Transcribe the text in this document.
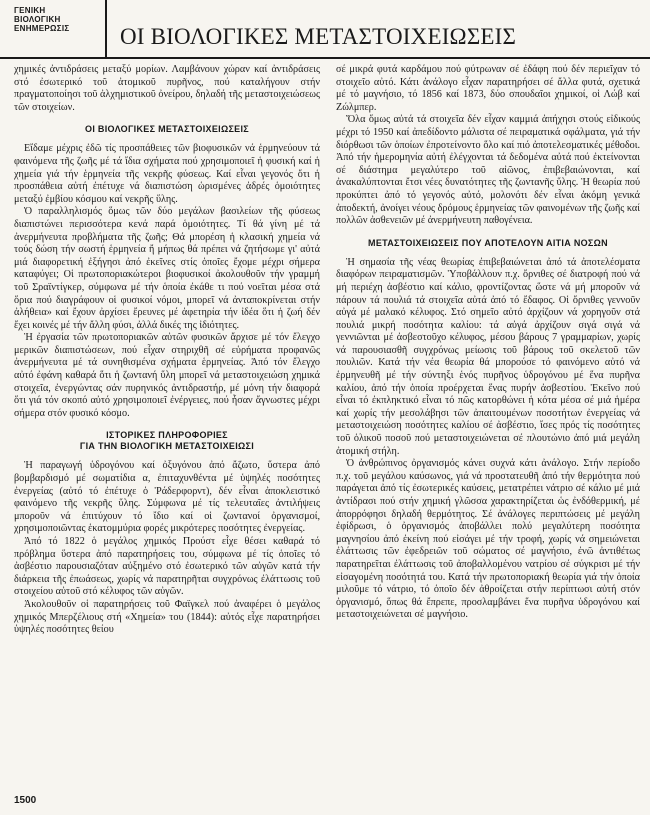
ΓΕΝΙΚΗ
ΒΙΟΛΟΓΙΚΗ
ΕΝΗΜΕΡΩΣΙΣ	ΟΙ ΒΙΟΛΟΓΙΚΕΣ ΜΕΤΑΣΤΟΙΧΕΙΩΣΕΙΣ

χημικές ἀντιδράσεις μεταξύ μορίων. Λαμβάνουν χώραν καί ἀντιδράσεις στό ἐσωτερικό τοῦ ἀτομικοῦ πυρῆνος, πού καταλήγουν στήν πραγματοποίησι τοῦ ἀλχημιστικοῦ ὀνείρου, δηλαδή τῆς μεταστοιχειώσεως τῶν στοιχείων.

ΟΙ ΒΙΟΛΟΓΙΚΕΣ ΜΕΤΑΣΤΟΙΧΕΙΩΣΕΙΣ

Εἴδαμε μέχρις ἐδῶ τίς προσπάθειες τῶν βιοφυσικῶν νά ἑρμηνεύουν τά φαινόμενα τῆς ζωῆς μέ τά ἴδια σχήματα πού χρησιμοποιεῖ ἡ φυσική καί ἡ χημεία γιά τήν ἑρμηνεία τῆς νεκρῆς φύσεως. Καί εἶναι γεγονός ὅτι ἡ προσπάθεια αὐτή ἐπέτυχε νά διαπιστώση ὡρισμένες ἀδρές ὁμοιότητες μεταξύ ἐμβίου κόσμου καί νεκρῆς ὕλης.

Ὁ παραλληλισμός ὅμως τῶν δύο μεγάλων βασιλείων τῆς φύσεως διαπιστώνει περισσότερα κενά παρά ὁμοιότητες. Τί θά γίνη μέ τά ἀνερμήνευτα προβλήματα τῆς ζωῆς; Θά μπορέση ἡ κλασική χημεία νά τούς δώση τήν σωστή ἑρμηνεία ἤ μήπως θά πρέπει νά ζητήσωμε γι' αὐτά μιά διαφορετική ἐξήγησι ἀπό ἐκεῖνες στίς ὁποῖες ἔχομε μέχρι σήμερα καταφύγει; Οἱ πρωτοποριακώτεροι βιοφυσικοί ἀκολουθοῦν τήν γραμμή τοῦ Σραϊντίγκερ, σύμφωνα μέ τήν ὁποία ἐκάθε τι πού νοεῖται μέσα στά ὅρια πού διαγράφουν οἱ φυσικοί νόμοι, μπορεῖ νά ἀνταποκρίνεται στήν ἀλήθεια» καί ἔχουν ἀρχίσει ἔρευνες μέ ἀφετηρία τήν ἰδέα ὅτι ἡ ζωή δέν ἔχει κοινές μέ τήν ἄλλη φύσι, ἀλλά δικές της ἰδιότητες.

Ἡ ἐργασία τῶν πρωτοποριακῶν αὐτῶν φυσικῶν ἄρχισε μέ τόν ἔλεγχο μερικῶν διαπιστώσεων, πού εἶχαν στηριχθῆ σέ εὑρήματα προφανῶς ἀνερμήνευτα μέ τά συνηθισμένα σχήματα ἑρμηνείας. Ἀπό τόν ἔλεγχο αὐτό ἐφάνη καθαρά ὅτι ἡ ζωντανή ὕλη μπορεῖ νά μεταστοιχειώση χημικά στοιχεῖα, ἐνεργώντας σάν πυρηνικός ἀντιδραστήρ, μέ μόνη τήν διαφορά ὅτι γιά τόν σκοπό αὐτό χρησιμοποιεῖ ἐνέργειες, πού ἦσαν ἄγνωστες μέχρι σήμερα στόν φυσικό κόσμο.

ΙΣΤΟΡΙΚΕΣ ΠΛΗΡΟΦΟΡΙΕΣ
ΓΙΑ ΤΗΝ ΒΙΟΛΟΓΙΚΗ ΜΕΤΑΣΤΟΙΧΕΙΩΣΙ

Ἡ παραγωγή ὑδρογόνου καί ὀξυγόνου ἀπό ἄζωτο, ὕστερα ἀπό βομβαρδισμό μέ σωματίδια α, ἐπιταχυνθέντα μέ ὑψηλές ποσότητες ἐνεργείας (αὐτό τό ἐπέτυχε ὁ Ῥάδερφορντ), δέν εἶναι ἀποκλειστικό φαινόμενο τῆς νεκρῆς ὕλης. Σύμφωνα μέ τίς τελευταῖες ἀντιλήψεις μποροῦν νά ἐπιτύχουν τό ἴδιο καί οἱ ζωντανοί ὀργανισμοί, χρησιμοποιῶντας ἑκατομμύρια φορές μικρότερες ποσότητες ἐνεργείας.

Ἀπό τό 1822 ὁ μεγάλος χημικός Προύστ εἶχε θέσει καθαρά τό πρόβλημα ὕστερα ἀπό παρατηρήσεις του, σύμφωνα μέ τίς ὁποῖες τό ἀσβέστιο παρουσιαζόταν αὐξημένο στό ἐσωτερικό τῶν αὐγῶν κατά τήν διάρκεια τῆς ἐπωάσεως, χωρίς νά παρατηρῆται συγχρόνως ἐλάττωσις τοῦ στοιχείου αὐτοῦ στό κέλυφος τῶν αὐγῶν.

Ἀκολουθοῦν οἱ παρατηρήσεις τοῦ Φαϊγκελ πού ἀναφέρει ὁ μεγάλος χημικός Μπερζέλιους στή «Χημεία» του (1844): αὐτός εἶχε παρατηρήσει ὑψηλές ποσότητες θείου

σέ μικρά φυτά καρδάμου πού φύτρωναν σέ ἐδάφη πού δέν περιεῖχαν τό στοιχεῖο αὐτό. Κάτι ἀνάλογο εἶχαν παρατηρήσει σέ ἄλλα φυτά, σχετικά μέ τό μαγνήσιο, τό 1856 καί 1873, δύο σπουδαῖοι χημικοί, οἱ Λώβ καί Ζώλμπερ.

Ὅλα ὅμως αὐτά τά στοιχεῖα δέν εἶχαν καμμιά ἀπήχησι στούς εἰδικούς μέχρι τό 1950 καί ἀπεδίδοντο μάλιστα σέ πειραματικά σφάλματα, γιά τήν διόρθωσι τῶν ὁποίων ἐπροτείνοντο ὅλο καί πιό ἀποτελεσματικές μέθοδοι. Ἀπό τήν ἡμερομηνία αὐτή ἐλέγχονται τά δεδομένα αὐτά πού ἐκτείνονται σέ διάστημα μεγαλύτερο τοῦ αἰῶνος, ἐπιβεβαιώνονται, καί ἀνακαλύπτονται ἔτσι νέες δυνατότητες τῆς ζωντανῆς ὕλης. Ἡ θεωρία πού προκύπτει ἀπό τό γεγονός αὐτό, μολονότι δέν εἶναι ἀκόμη γενικά ἀποδεκτή, ἀνοίγει νέους δρόμους ἑρμηνείας τῶν φαινομένων τῆς ζωῆς καί πολλῶν ἀσθενειῶν μέ ἀνερμήνευτη παθογένεια.

ΜΕΤΑΣΤΟΙΧΕΙΩΣΕΙΣ ΠΟΥ ΑΠΟΤΕΛΟΥΝ ΑΙΤΙΑ ΝΟΣΩΝ

Ἡ σημασία τῆς νέας θεωρίας ἐπιβεβαιώνεται ἀπό τά ἀποτελέσματα διαφόρων πειραματισμῶν. Ὑποβάλλουν π.χ. ὄρνιθες σέ διατροφή πού νά μή περιέχη ἀσβέστιο καί κάλιο, φροντίζοντας ὥστε νά μή μποροῦν νά πάρουν τά πουλιά τά στοιχεῖα αὐτά ἀπό τό ἔδαφος. Οἱ ὄρνιθες γεννοῦν αὐγά μέ μαλακό κέλυφος. Στό σημεῖο αὐτό ἀρχίζουν νά χορηγοῦν στά πουλιά μικρή ποσότητα καλίου: τά αὐγά ἀρχίζουν σιγά σιγά νά γεννιῶνται μέ ἀσβεστοῦχο κέλυφος, μέσου βάρους 7 γραμμαρίων, χωρίς νά παρουσιασθῆ συγχρόνως μείωσις τοῦ βάρους τοῦ σκελετοῦ τῶν πουλιῶν. Κατά τήν νέα θεωρία θά μπορούσε τό φαινόμενο αὐτό νά ἑρμηνευθῆ μέ τήν σύντηξι ἑνός πυρῆνος ὑδρογόνου μέ ἕνα πυρῆνα καλίου, ἀπό τήν ὁποία προέρχεται ἕνας πυρήν ἀσβεστίου. Ἐκεῖνο πού εἶναι τό ἐκπληκτικό εἶναι τό πῶς κατορθώνει ἡ κότα μέσα σέ μιά ἡμέρα καί χωρίς τήν μεσολάβησι τῶν ἀπαιτουμένων ποσοτήτων ἐνεργείας νά μεταστοιχειώση ποσότητες καλίου σέ ἀσβέστιο, ἴσες πρός τίς ποσότητες τοῦ ὁλικοῦ ποσοῦ πού μεταστοιχειώνεται σέ πλουτώνιο ἀπό μιά μεγάλη ἀτομική στήλη.

Ὁ ἀνθρώπινος ὀργανισμός κάνει συχνά κάτι ἀνάλογο. Στήν περίοδο π.χ. τοῦ μεγάλου καύσωνος, γιά νά προστατευθῆ ἀπό τήν θερμότητα πού παράγεται ἀπό τίς ἐσωτερικές καύσεις, μετατρέπει νάτριο σέ κάλιο μέ μιά ἀντίδρασι πού στήν χημική γλῶσσα χαρακτηρίζεται ὡς ἐνδόθερμική, μέ ἀπορρόφησι δηλαδή θερμότητος. Σέ ἀνάλογες περιπτώσεις μέ μεγάλη ἐφίδρωσι, ὁ ὀργανισμός ἀποβάλλει πολύ μεγαλύτερη ποσότητα μαγνησίου ἀπό ἐκείνη πού εἰσάγει μέ τήν τροφή, χωρίς νά σημειώνεται ἐλάττωσις τῶν ἐφεδρειῶν τοῦ σώματος σέ μαγνήσιο, ἐνῶ ἀντιθέτως παρατηρεῖται ἐλάττωσις τοῦ ἀποβαλλομένου νατρίου σέ σύγκρισι μέ τήν εἰσαγομένη ποσότητά του. Κατά τήν πρωτοποριακή θεωρία γιά τήν ὁποία μιλοῦμε τό νάτριο, τό ὁποῖο δέν ἀθροίζεται στήν περίπτωσι αὐτή στόν ὀργανισμό, ὅπως θά ἔπρεπε, προσλαμβάνει ἕνα πυρῆνα ὑδρογόνου καί μεταστοιχειώνεται σέ μαγνήσιο.

1500
